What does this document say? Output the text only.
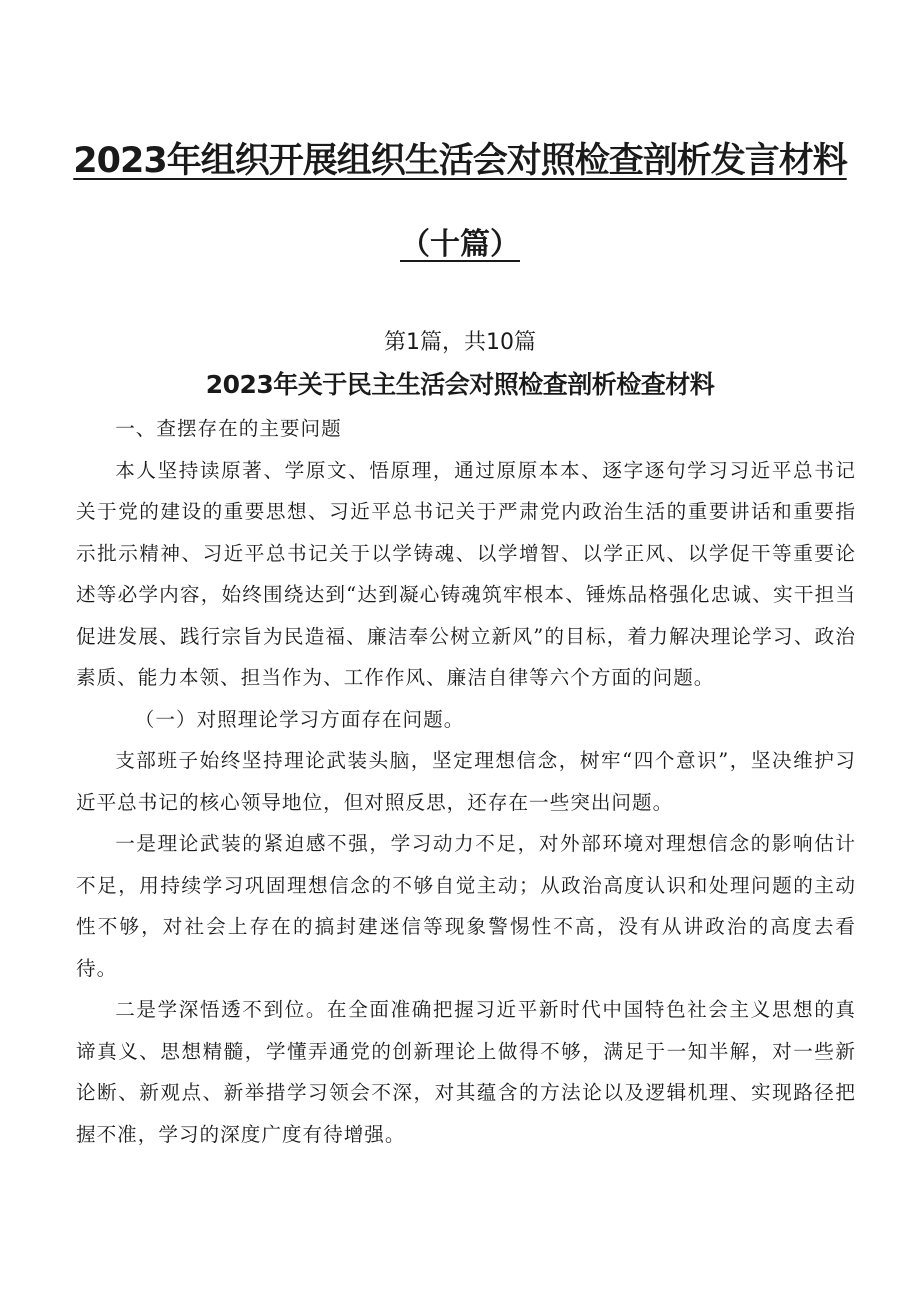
2023年组织开展组织生活会对照检查剖析发言材料
（十篇）
第1篇，共10篇
2023年关于民主生活会对照检查剖析检查材料

一、查摆存在的主要问题

本人坚持读原著、学原文、悟原理，通过原原本本、逐字逐句学习习近平总书记关于党的建设的重要思想、习近平总书记关于严肃党内政治生活的重要讲话和重要指示批示精神、习近平总书记关于以学铸魂、以学增智、以学正风、以学促干等重要论述等必学内容，始终围绕达到“达到凝心铸魂筑牢根本、锤炼品格强化忠诚、实干担当促进发展、践行宗旨为民造福、廉洁奉公树立新风”的目标，着力解决理论学习、政治素质、能力本领、担当作为、工作作风、廉洁自律等六个方面的问题。

（一）对照理论学习方面存在问题。

支部班子始终坚持理论武装头脑，坚定理想信念，树牢“四个意识”，坚决维护习近平总书记的核心领导地位，但对照反思，还存在一些突出问题。

一是理论武装的紧迫感不强，学习动力不足，对外部环境对理想信念的影响估计不足，用持续学习巩固理想信念的不够自觉主动；从政治高度认识和处理问题的主动性不够，对社会上存在的搞封建迷信等现象警惕性不高，没有从讲政治的高度去看待。

二是学深悟透不到位。在全面准确把握习近平新时代中国特色社会主义思想的真谛真义、思想精髓，学懂弄通党的创新理论上做得不够，满足于一知半解，对一些新论断、新观点、新举措学习领会不深，对其蕴含的方法论以及逻辑机理、实现路径把握不准，学习的深度广度有待增强。
